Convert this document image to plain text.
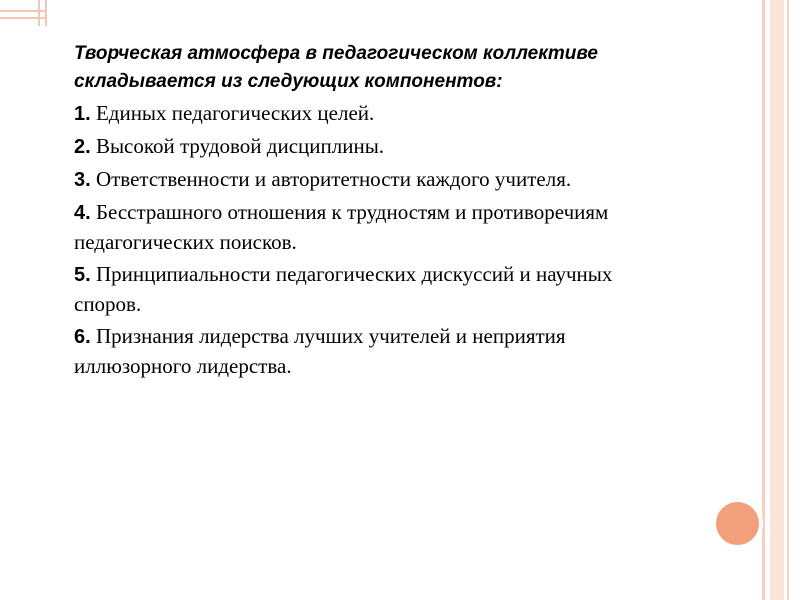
Творческая атмосфера в педагогическом коллективе складывается из следующих компонентов:
1. Единых педагогических целей.
2. Высокой трудовой дисциплины.
3. Ответственности и авторитетности каждого учителя.
4. Бесстрашного отношения к трудностям и противоречиям педагогических поисков.
5. Принципиальности педагогических дискуссий и научных споров.
6. Признания лидерства лучших учителей и неприятия иллюзорного лидерства.
